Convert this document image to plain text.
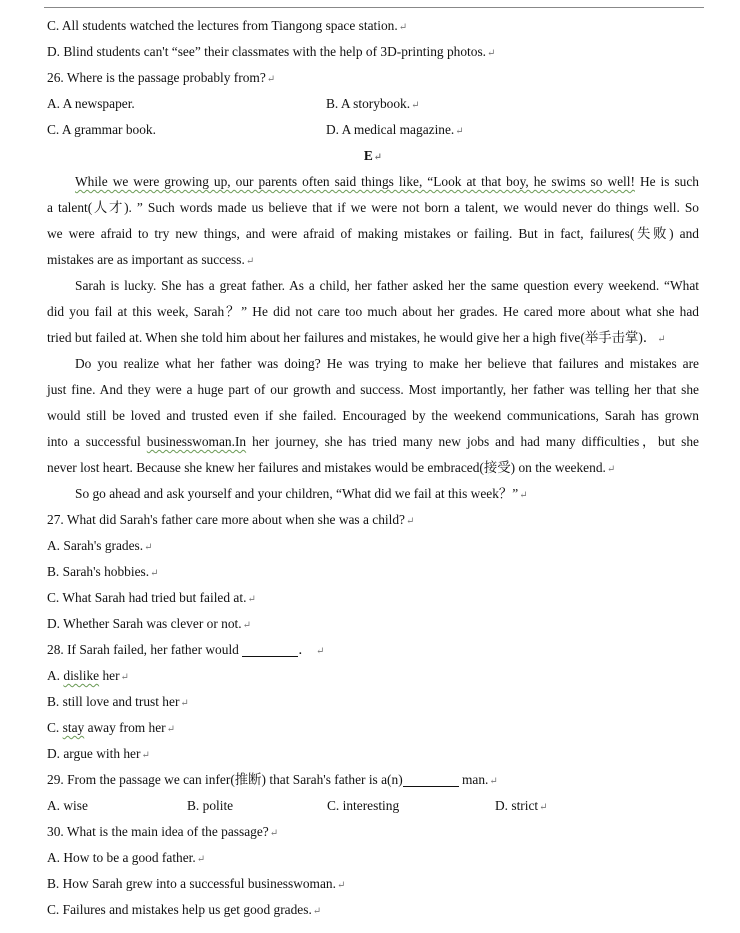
C. All students watched the lectures from Tiangong space station.↵
D. Blind students can't “see” their classmates with the help of 3D-printing photos.↵
26. Where is the passage probably from?↵
A. A newspaper.	B. A storybook.↵
C. A grammar book.	D. A medical magazine.↵
E↵
While we were growing up, our parents often said things like, “Look at that boy, he swims so well! He is such
a talent(人才). ” Such words made us believe that if we were not born a talent, we would never do things well. So
we were afraid to try new things, and were afraid of making mistakes or failing. But in fact, failures(失败) and
mistakes are as important as success.↵
Sarah is lucky. She has a great father. As a child, her father asked her the same question every weekend. “What
did you fail at this week, Sarah？” He did not care too much about her grades. He cared more about what she had
tried but failed at. When she told him about her failures and mistakes, he would give her a high five(举手击掌)．↵
Do you realize what her father was doing? He was trying to make her believe that failures and mistakes are
just fine. And they were a huge part of our growth and success. Most importantly, her father was telling her that she
would still be loved and trusted even if she failed. Encouraged by the weekend communications, Sarah has grown
into a successful businesswoman.In her journey, she has tried many new jobs and had many difficulties，but she
never lost heart. Because she knew her failures and mistakes would be embraced(接受) on the weekend.↵
So go ahead and ask yourself and your children, “What did we fail at this week？”↵
27. What did Sarah's father care more about when she was a child?↵
A. Sarah's grades.↵
B. Sarah's hobbies.↵
C. What Sarah had tried but failed at.↵
D. Whether Sarah was clever or not.↵
28. If Sarah failed, her father would	． ↵
A. dislike her↵
B. still love and trust her↵
C. stay away from her↵
D. argue with her↵
29. From the passage we can infer(推断) that Sarah's father is a(n)	man.↵
A. wise	B. polite	C. interesting	D. strict↵
30. What is the main idea of the passage?↵
A. How to be a good father.↵
B. How Sarah grew into a successful businesswoman.↵
C. Failures and mistakes help us get good grades.↵
